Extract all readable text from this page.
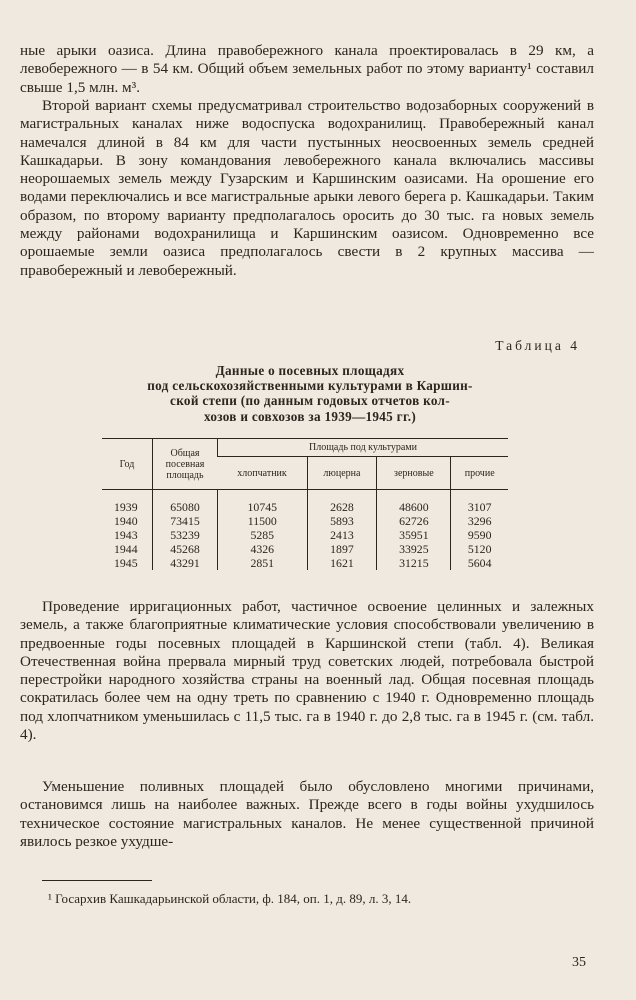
ные арыки оазиса. Длина правобережного канала проектировалась в 29 км, а левобережного — в 54 км. Общий объем земельных работ по этому варианту¹ составил свыше 1,5 млн. м³.

Второй вариант схемы предусматривал строительство водозаборных сооружений в магистральных каналах ниже водоспуска водохранилищ. Правобережный канал намечался длиной в 84 км для части пустынных неосвоенных земель средней Кашкадарьи. В зону командования левобережного канала включались массивы неорошаемых земель между Гузарским и Каршинским оазисами. На орошение его водами переключались и все магистральные арыки левого берега р. Кашкадарьи. Таким образом, по второму варианту предполагалось оросить до 30 тыс. га новых земель между районами водохранилища и Каршинским оазисом. Одновременно все орошаемые земли оазиса предполагалось свести в 2 крупных массива — правобережный и левобережный.

Таблица 4
Данные о посевных площадях
под сельскохозяйственными культурами в Каршин-
ской степи (по данным годовых отчетов кол-
хозов и совхозов за 1939—1945 гг.)
Год	Общая посевная площадь	Площадь под культурами			
		хлопчатник	люцерна	зерновые	прочие
1939	65080	10745	2628	48600	3107
1940	73415	11500	5893	62726	3296
1943	53239	5285	2413	35951	9590
1944	45268	4326	1897	33925	5120
1945	43291	2851	1621	31215	5604

Проведение ирригационных работ, частичное освоение целинных и залежных земель, а также благоприятные климатические условия способствовали увеличению в предвоенные годы посевных площадей в Каршинской степи (табл. 4). Великая Отечественная война прервала мирный труд советских людей, потребовала быстрой перестройки народного хозяйства страны на военный лад. Общая посевная площадь сократилась более чем на одну треть по сравнению с 1940 г. Одновременно площадь под хлопчатником уменьшилась с 11,5 тыс. га в 1940 г. до 2,8 тыс. га в 1945 г. (см. табл. 4).

Уменьшение поливных площадей было обусловлено многими причинами, остановимся лишь на наиболее важных. Прежде всего в годы войны ухудшилось техническое состояние магистральных каналов. Не менее существенной причиной явилось резкое ухудше-

¹ Госархив Кашкадарьинской области, ф. 184, оп. 1, д. 89, л. 3, 14.
35
